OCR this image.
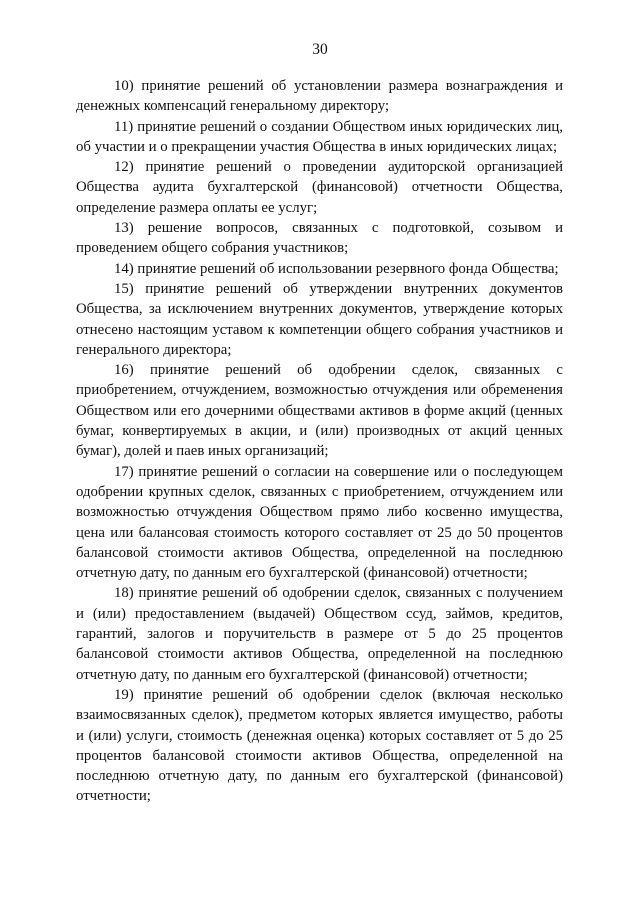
30

10) принятие решений об установлении размера вознаграждения и денежных компенсаций генеральному директору;

11) принятие решений о создании Обществом иных юридических лиц, об участии и о прекращении участия Общества в иных юридических лицах;

12) принятие решений о проведении аудиторской организацией Общества аудита бухгалтерской (финансовой) отчетности Общества, определение размера оплаты ее услуг;

13) решение вопросов, связанных с подготовкой, созывом и проведением общего собрания участников;

14) принятие решений об использовании резервного фонда Общества;

15) принятие решений об утверждении внутренних документов Общества, за исключением внутренних документов, утверждение которых отнесено настоящим уставом к компетенции общего собрания участников и генерального директора;

16) принятие решений об одобрении сделок, связанных с приобретением, отчуждением, возможностью отчуждения или обременения Обществом или его дочерними обществами активов в форме акций (ценных бумаг, конвертируемых в акции, и (или) производных от акций ценных бумаг), долей и паев иных организаций;

17) принятие решений о согласии на совершение или о последующем одобрении крупных сделок, связанных с приобретением, отчуждением или возможностью отчуждения Обществом прямо либо косвенно имущества, цена или балансовая стоимость которого составляет от 25 до 50 процентов балансовой стоимости активов Общества, определенной на последнюю отчетную дату, по данным его бухгалтерской (финансовой) отчетности;

18) принятие решений об одобрении сделок, связанных с получением и (или) предоставлением (выдачей) Обществом ссуд, займов, кредитов, гарантий, залогов и поручительств в размере от 5 до 25 процентов балансовой стоимости активов Общества, определенной на последнюю отчетную дату, по данным его бухгалтерской (финансовой) отчетности;

19) принятие решений об одобрении сделок (включая несколько взаимосвязанных сделок), предметом которых является имущество, работы и (или) услуги, стоимость (денежная оценка) которых составляет от 5 до 25 процентов балансовой стоимости активов Общества, определенной на последнюю отчетную дату, по данным его бухгалтерской (финансовой) отчетности;
